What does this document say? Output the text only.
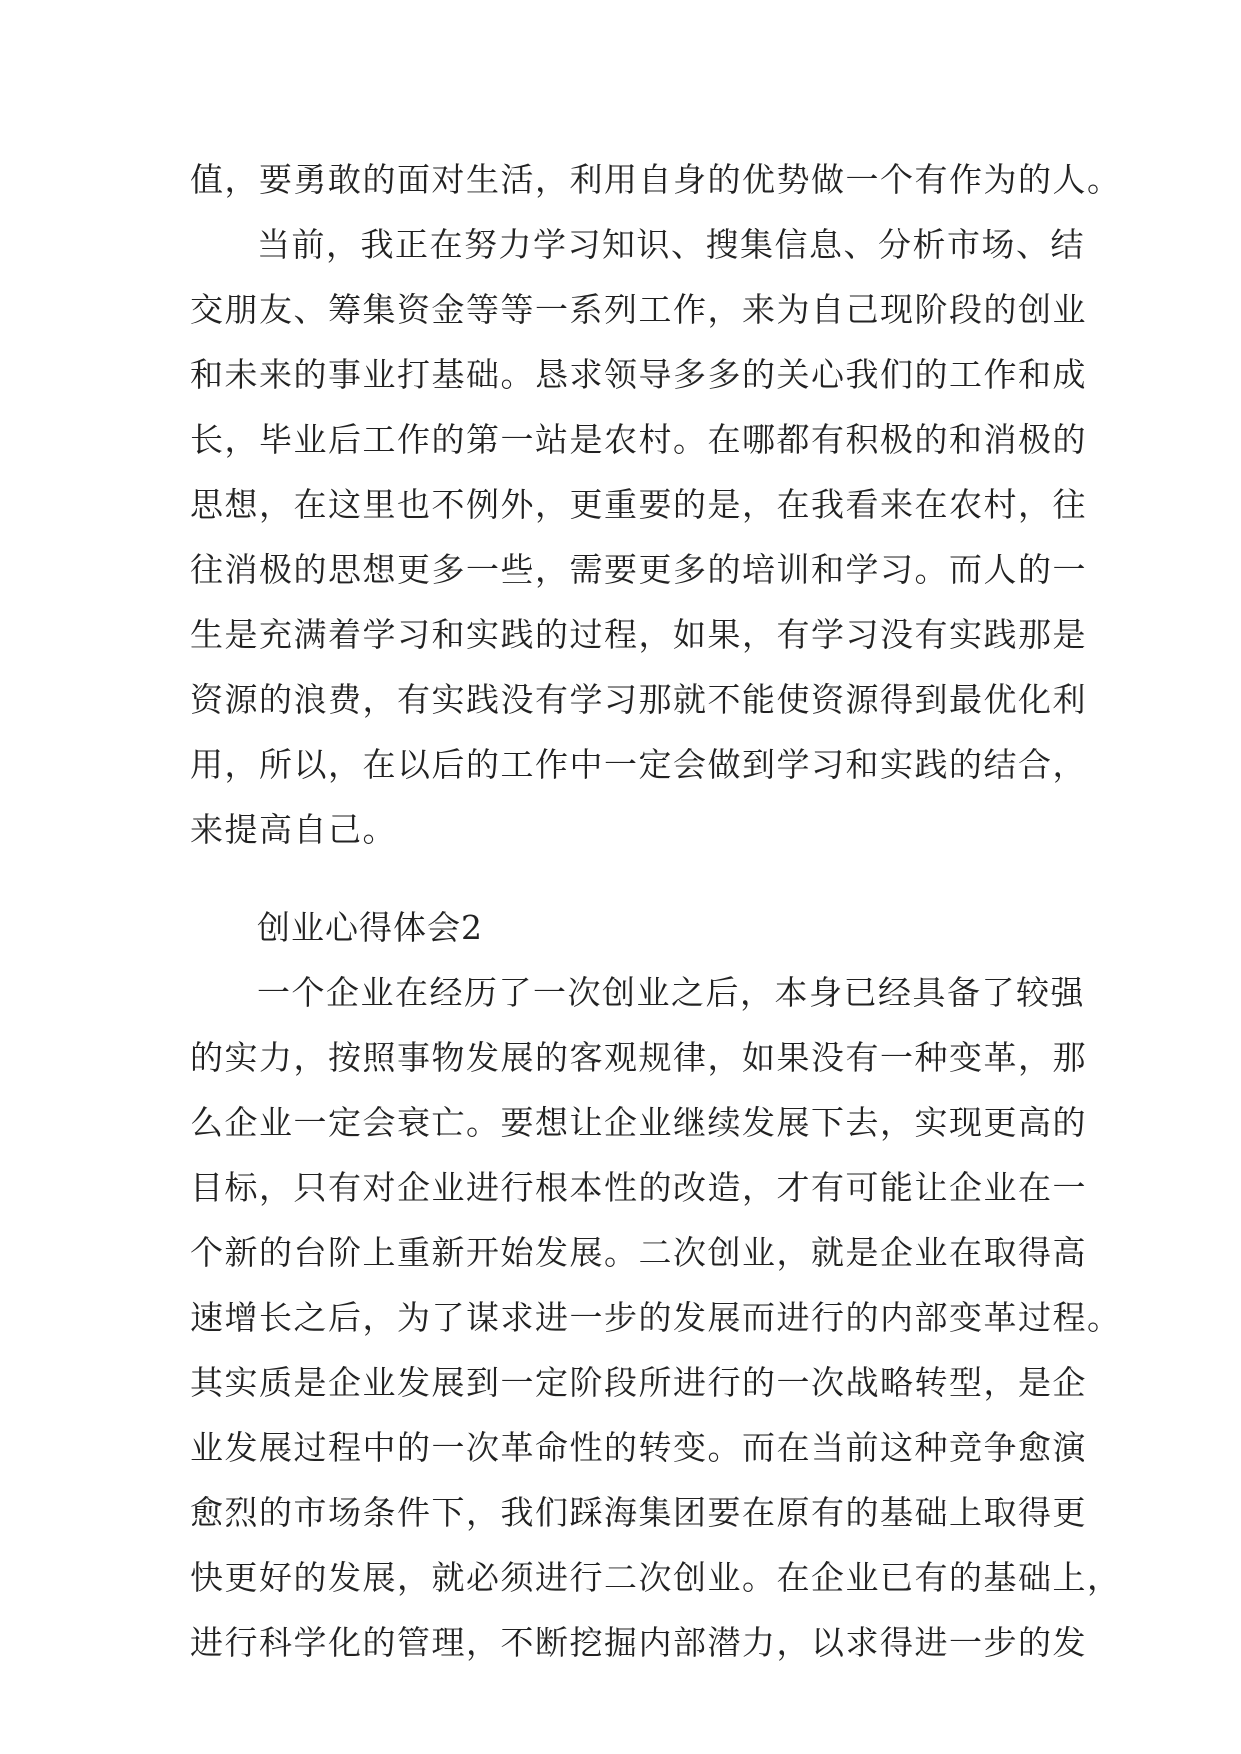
值，要勇敢的面对生活，利用自身的优势做一个有作为的人。
当前，我正在努力学习知识、搜集信息、分析市场、结
交朋友、筹集资金等等一系列工作，来为自己现阶段的创业
和未来的事业打基础。恳求领导多多的关心我们的工作和成
长，毕业后工作的第一站是农村。在哪都有积极的和消极的
思想，在这里也不例外，更重要的是，在我看来在农村，往
往消极的思想更多一些，需要更多的培训和学习。而人的一
生是充满着学习和实践的过程，如果，有学习没有实践那是
资源的浪费，有实践没有学习那就不能使资源得到最优化利
用，所以，在以后的工作中一定会做到学习和实践的结合，
来提高自己。
创业心得体会2
一个企业在经历了一次创业之后，本身已经具备了较强
的实力，按照事物发展的客观规律，如果没有一种变革，那
么企业一定会衰亡。要想让企业继续发展下去，实现更高的
目标，只有对企业进行根本性的改造，才有可能让企业在一
个新的台阶上重新开始发展。二次创业，就是企业在取得高
速增长之后，为了谋求进一步的发展而进行的内部变革过程。
其实质是企业发展到一定阶段所进行的一次战略转型，是企
业发展过程中的一次革命性的转变。而在当前这种竞争愈演
愈烈的市场条件下，我们踩海集团要在原有的基础上取得更
快更好的发展，就必须进行二次创业。在企业已有的基础上，
进行科学化的管理，不断挖掘内部潜力，以求得进一步的发
